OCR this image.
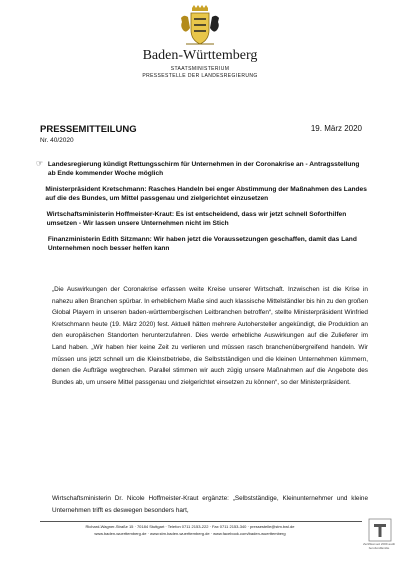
Baden-Württemberg
STAATSMINISTERIUM
PRESSESTELLE DER LANDESREGIERUNG
PRESSEMITTEILUNG	19. März 2020
Nr. 40/2020
☞ Landesregierung kündigt Rettungsschirm für Unternehmen in der Coronakrise an - Antragsstellung ab Ende kommender Woche möglich

Ministerpräsident Kretschmann: Rasches Handeln bei enger Abstimmung der Maßnahmen des Landes auf die des Bundes, um Mittel passgenau und zielgerichtet einzusetzen

Wirtschaftsministerin Hoffmeister-Kraut: Es ist entscheidend, dass wir jetzt schnell Soforthilfen umsetzen - Wir lassen unsere Unternehmen nicht im Stich

Finanzministerin Edith Sitzmann: Wir haben jetzt die Voraussetzungen geschaffen, damit das Land Unternehmen noch besser helfen kann

„Die Auswirkungen der Coronakrise erfassen weite Kreise unserer Wirtschaft. Inzwischen ist die Krise in nahezu allen Branchen spürbar. In erheblichem Maße sind auch klassische Mittelständler bis hin zu den großen Global Playern in unseren baden-württembergischen Leitbranchen betroffen“, stellte Ministerpräsident Winfried Kretschmann heute (19. März 2020) fest. Aktuell hätten mehrere Autohersteller angekündigt, die Produktion an den europäischen Standorten herunterzufahren. Dies werde erhebliche Auswirkungen auf die Zulieferer im Land haben. „Wir haben hier keine Zeit zu verlieren und müssen rasch branchenübergreifend handeln. Wir müssen uns jetzt schnell um die Kleinstbetriebe, die Selbstständigen und die kleinen Unternehmen kümmern, denen die Aufträge wegbrechen. Parallel stimmen wir auch zügig unsere Maßnahmen auf die Angebote des Bundes ab, um unsere Mittel passgenau und zielgerichtet einsetzen zu können“, so der Ministerpräsident.

Wirtschaftsministerin Dr. Nicole Hoffmeister-Kraut ergänzte: „Selbstständige, Kleinunternehmer und kleine Unternehmen trifft es deswegen besonders hart,

Richard-Wagner-Straße 15 · 70184 Stuttgart · Telefon 0711 2153-222 · Fax 0711 2153-340 · pressestelle@stm.bwl.de
www.baden-wuerttemberg.de · www.stm.baden-wuerttemberg.de · www.facebook.com/baden-wuerttemberg
Zertifikat seit 2009 audit berufundfamilie
